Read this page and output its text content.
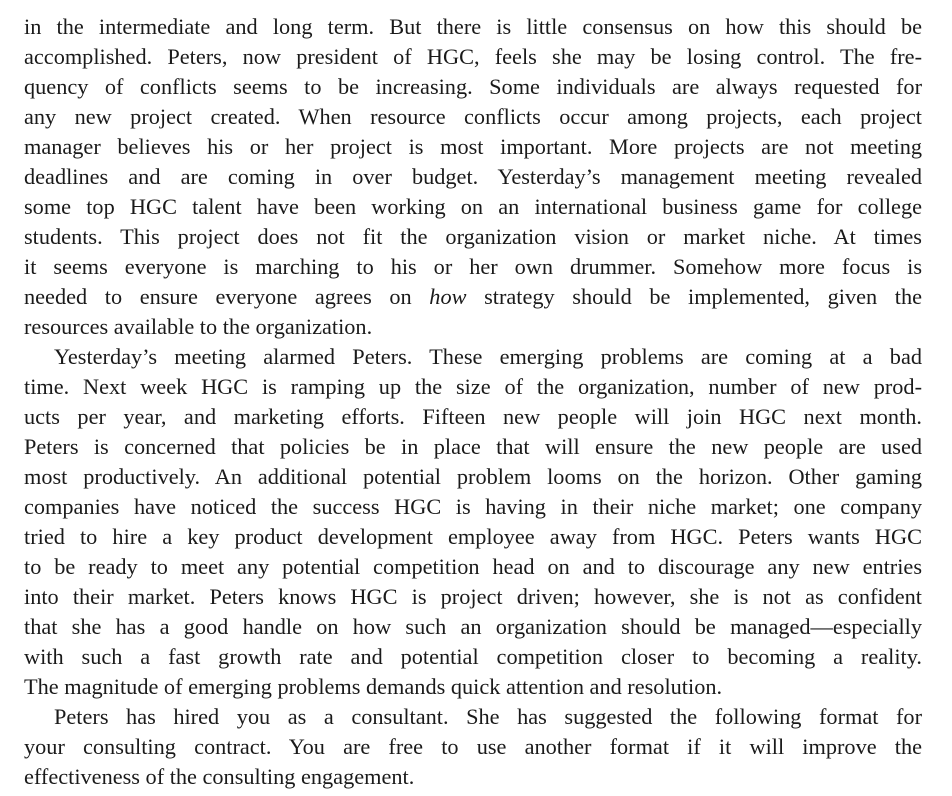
in the intermediate and long term. But there is little consensus on how this should be
accomplished. Peters, now president of HGC, feels she may be losing control. The fre-
quency of conflicts seems to be increasing. Some individuals are always requested for
any new project created. When resource conflicts occur among projects, each project
manager believes his or her project is most important. More projects are not meeting
deadlines and are coming in over budget. Yesterday’s management meeting revealed
some top HGC talent have been working on an international business game for college
students. This project does not fit the organization vision or market niche. At times
it seems everyone is marching to his or her own drummer. Somehow more focus is
needed to ensure everyone agrees on how strategy should be implemented, given the
resources available to the organization.
Yesterday’s meeting alarmed Peters. These emerging problems are coming at a bad
time. Next week HGC is ramping up the size of the organization, number of new prod-
ucts per year, and marketing efforts. Fifteen new people will join HGC next month.
Peters is concerned that policies be in place that will ensure the new people are used
most productively. An additional potential problem looms on the horizon. Other gaming
companies have noticed the success HGC is having in their niche market; one company
tried to hire a key product development employee away from HGC. Peters wants HGC
to be ready to meet any potential competition head on and to discourage any new entries
into their market. Peters knows HGC is project driven; however, she is not as confident
that she has a good handle on how such an organization should be managed—especially
with such a fast growth rate and potential competition closer to becoming a reality.
The magnitude of emerging problems demands quick attention and resolution.
Peters has hired you as a consultant. She has suggested the following format for
your consulting contract. You are free to use another format if it will improve the
effectiveness of the consulting engagement.
